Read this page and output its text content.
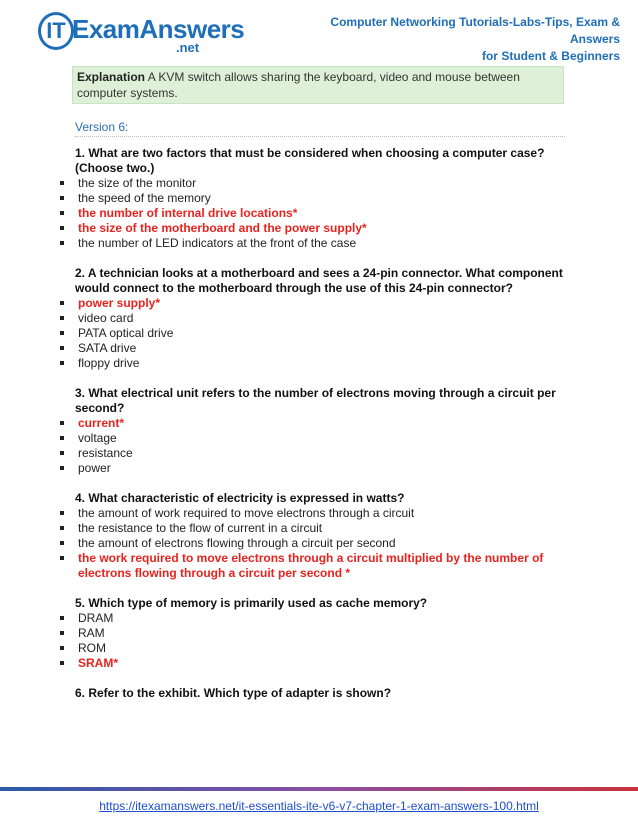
IT ExamAnswers
.net
Computer Networking Tutorials-Labs-Tips, Exam & Answers
for Student & Beginners
Explanation A KVM switch allows sharing the keyboard, video and mouse between computer systems.
Version 6:
1. What are two factors that must be considered when choosing a computer case? (Choose two.)
the size of the monitor
the speed of the memory
the number of internal drive locations*
the size of the motherboard and the power supply*
the number of LED indicators at the front of the case
2. A technician looks at a motherboard and sees a 24-pin connector. What component would connect to the motherboard through the use of this 24-pin connector?
power supply*
video card
PATA optical drive
SATA drive
floppy drive
3. What electrical unit refers to the number of electrons moving through a circuit per second?
current*
voltage
resistance
power
4. What characteristic of electricity is expressed in watts?
the amount of work required to move electrons through a circuit
the resistance to the flow of current in a circuit
the amount of electrons flowing through a circuit per second
the work required to move electrons through a circuit multiplied by the number of electrons flowing through a circuit per second *
5. Which type of memory is primarily used as cache memory?
DRAM
RAM
ROM
SRAM*
6. Refer to the exhibit. Which type of adapter is shown?
https://itexamanswers.net/it-essentials-ite-v6-v7-chapter-1-exam-answers-100.html
